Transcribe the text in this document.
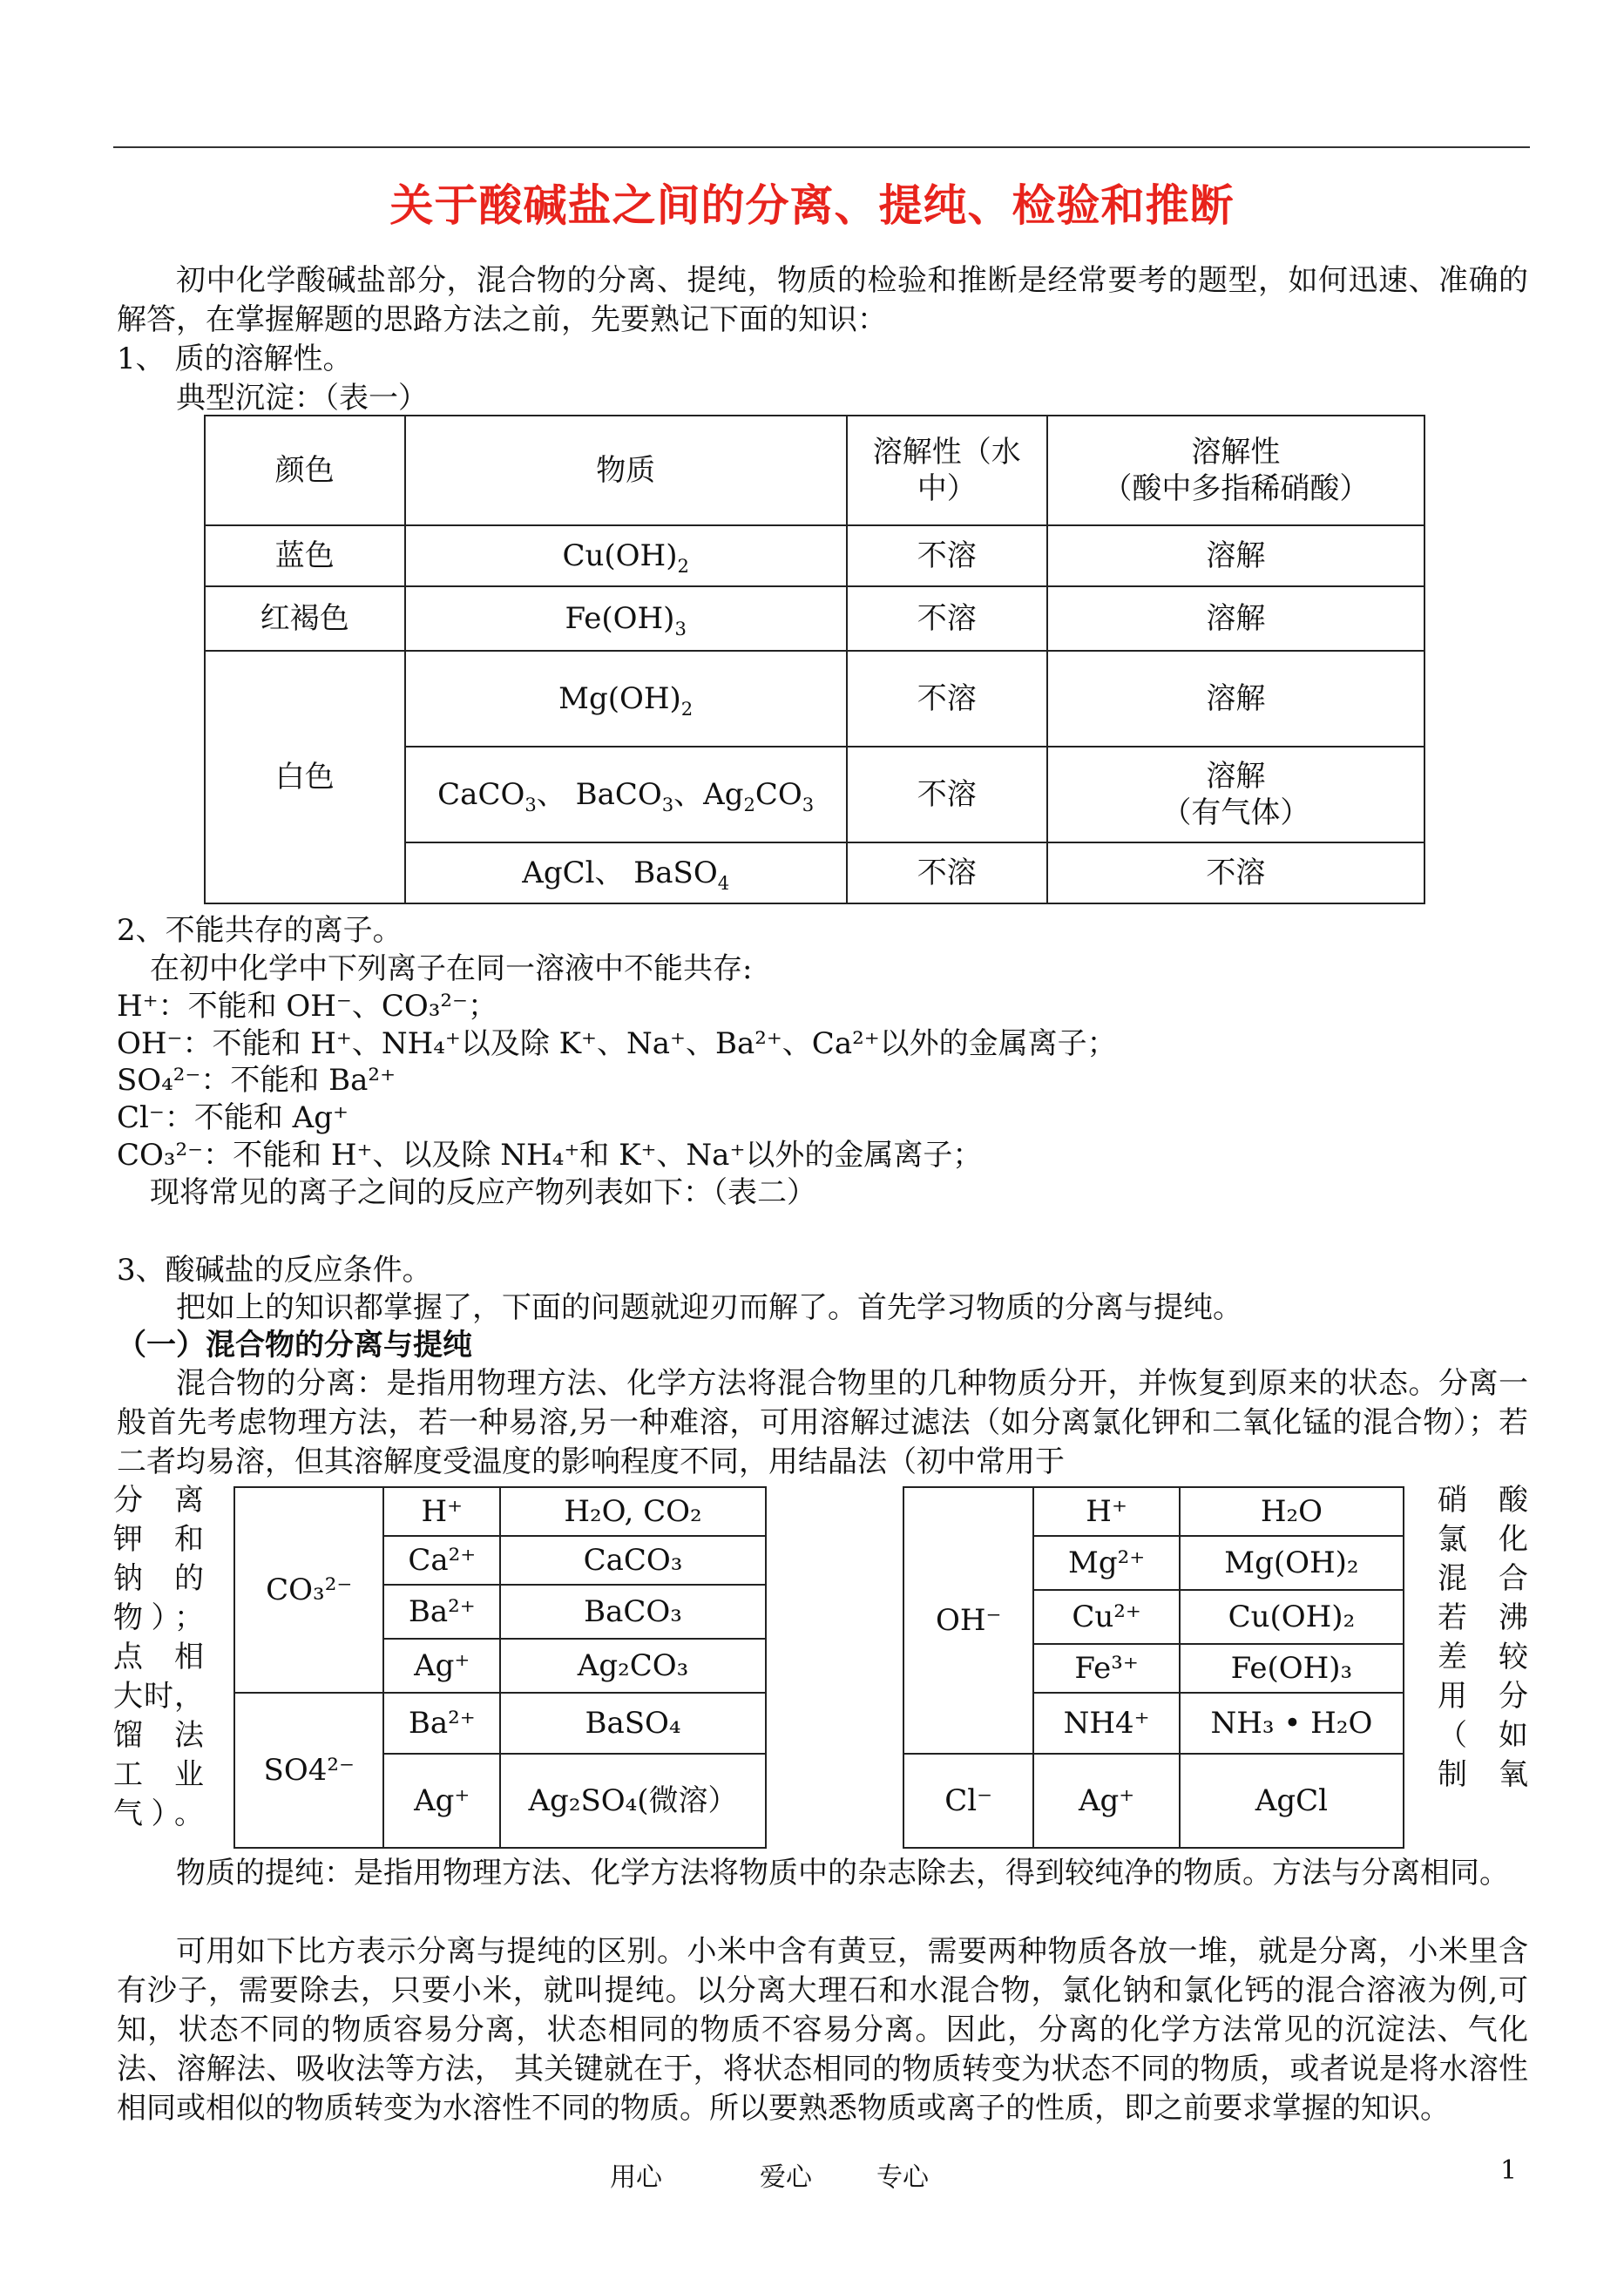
关于酸碱盐之间的分离、提纯、检验和推断
初中化学酸碱盐部分，混合物的分离、提纯，物质的检验和推断是经常要考的题型，如何迅速、准确的解答，在掌握解题的思路方法之前，先要熟记下面的知识：
1、 质的溶解性。
典型沉淀：（表一）
颜色	物质	溶解性（水中）	溶解性
（酸中多指稀硝酸）

蓝色	$Cu(OH)_2$	不溶	溶解
红褐色	$Fe(OH)_3$	不溶	溶解
白色	$Mg(OH)_2$	不溶	溶解
	CaCO$_3$、 BaCO$_3$、$Ag_2CO_3$	不溶	溶解
（有气体）

	AgCl、 BaSO$_4$	不溶	不溶
2、不能共存的离子。
在初中化学中下列离子在同一溶液中不能共存:
H⁺：不能和 OH⁻、CO₃²⁻；
OH⁻：不能和 H⁺、NH₄⁺以及除 K⁺、Na⁺、Ba²⁺、Ca²⁺以外的金属离子；
SO₄²⁻：不能和 Ba²⁺
Cl⁻：不能和 Ag⁺
CO₃²⁻：不能和 H⁺、以及除 NH₄⁺和 K⁺、Na⁺以外的金属离子；
现将常见的离子之间的反应产物列表如下：（表二）
3、酸碱盐的反应条件。
把如上的知识都掌握了，下面的问题就迎刃而解了。首先学习物质的分离与提纯。
（一）混合物的分离与提纯
混合物的分离：是指用物理方法、化学方法将混合物里的几种物质分开，并恢复到原来的状态。分离一般首先考虑物理方法，若一种易溶,另一种难溶，可用溶解过滤法（如分离氯化钾和二氧化锰的混合物）；若二者均易溶，但其溶解度受温度的影响程度不同，用结晶法（初中常用于
分 离
钾 和
钠 的
物）；
点 相
大时，
馏 法
工 业
气）。
硝 酸
氯 化
混 合
若 沸
差 较
用 分
（ 如
制 氧
CO₃²⁻	H⁺	H₂O, CO₂
	Ca²⁺	CaCO₃
	Ba²⁺	BaCO₃
	Ag⁺	Ag₂CO₃
SO4²⁻	Ba²⁺	BaSO₄
	Ag⁺	Ag₂SO₄(微溶）
OH⁻	H⁺	H₂O
	Mg²⁺	Mg(OH)₂
	Cu²⁺	Cu(OH)₂
	Fe³⁺	Fe(OH)₃
	NH4⁺	NH₃ • H₂O
Cl⁻	Ag⁺	AgCl
物质的提纯：是指用物理方法、化学方法将物质中的杂志除去，得到较纯净的物质。方法与分离相同。
可用如下比方表示分离与提纯的区别。小米中含有黄豆，需要两种物质各放一堆，就是分离，小米里含有沙子，需要除去，只要小米，就叫提纯。以分离大理石和水混合物，氯化钠和氯化钙的混合溶液为例,可知，状态不同的物质容易分离，状态相同的物质不容易分离。因此，分离的化学方法常见的沉淀法、气化法、溶解法、吸收法等方法， 其关键就在于，将状态相同的物质转变为状态不同的物质，或者说是将水溶性相同或相似的物质转变为水溶性不同的物质。所以要熟悉物质或离子的性质，即之前要求掌握的知识。
用心	爱心 专心	1
